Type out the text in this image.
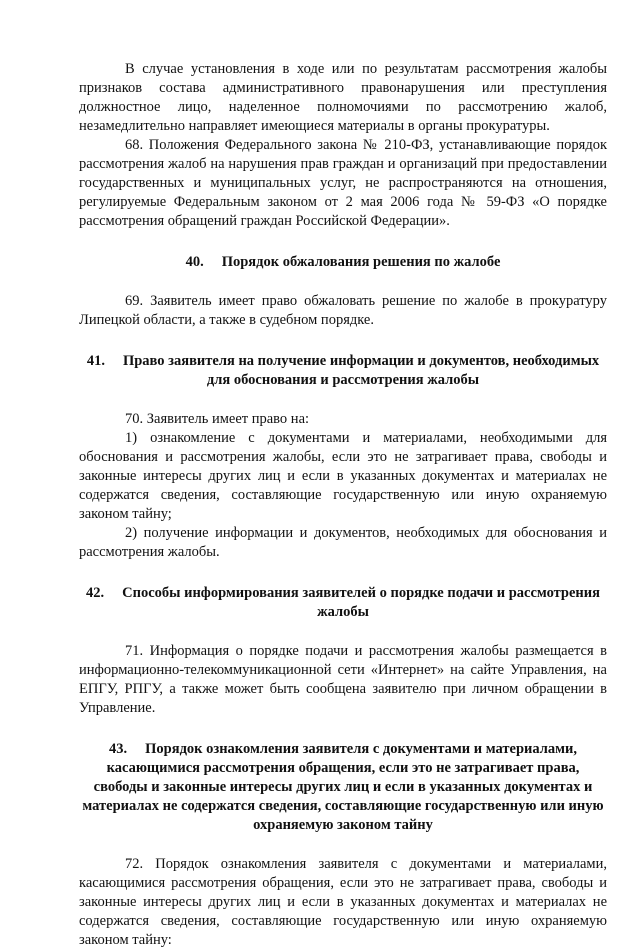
В случае установления в ходе или по результатам рассмотрения жалобы признаков состава административного правонарушения или преступления должностное лицо, наделенное полномочиями по рассмотрению жалоб, незамедлительно направляет имеющиеся материалы в органы прокуратуры.

68. Положения Федерального закона № 210-ФЗ, устанавливающие порядок рассмотрения жалоб на нарушения прав граждан и организаций при предоставлении государственных и муниципальных услуг, не распространяются на отношения, регулируемые Федеральным законом от 2 мая 2006 года № 59-ФЗ «О порядке рассмотрения обращений граждан Российской Федерации».

40. Порядок обжалования решения по жалобе

69. Заявитель имеет право обжаловать решение по жалобе в прокуратуру Липецкой области, а также в судебном порядке.

41. Право заявителя на получение информации и документов, необходимых для обоснования и рассмотрения жалобы

70. Заявитель имеет право на:

1) ознакомление с документами и материалами, необходимыми для обоснования и рассмотрения жалобы, если это не затрагивает права, свободы и законные интересы других лиц и если в указанных документах и материалах не содержатся сведения, составляющие государственную или иную охраняемую законом тайну;

2) получение информации и документов, необходимых для обоснования и рассмотрения жалобы.

42. Способы информирования заявителей о порядке подачи и рассмотрения жалобы

71. Информация о порядке подачи и рассмотрения жалобы размещается в информационно-телекоммуникационной сети «Интернет» на сайте Управления, на ЕПГУ, РПГУ, а также может быть сообщена заявителю при личном обращении в Управление.

43. Порядок ознакомления заявителя с документами и материалами, касающимися рассмотрения обращения, если это не затрагивает права, свободы и законные интересы других лиц и если в указанных документах и материалах не содержатся сведения, составляющие государственную или иную охраняемую законом тайну

72. Порядок ознакомления заявителя с документами и материалами, касающимися рассмотрения обращения, если это не затрагивает права, свободы и законные интересы других лиц и если в указанных документах и материалах не содержатся сведения, составляющие государственную или иную охраняемую законом тайну:
